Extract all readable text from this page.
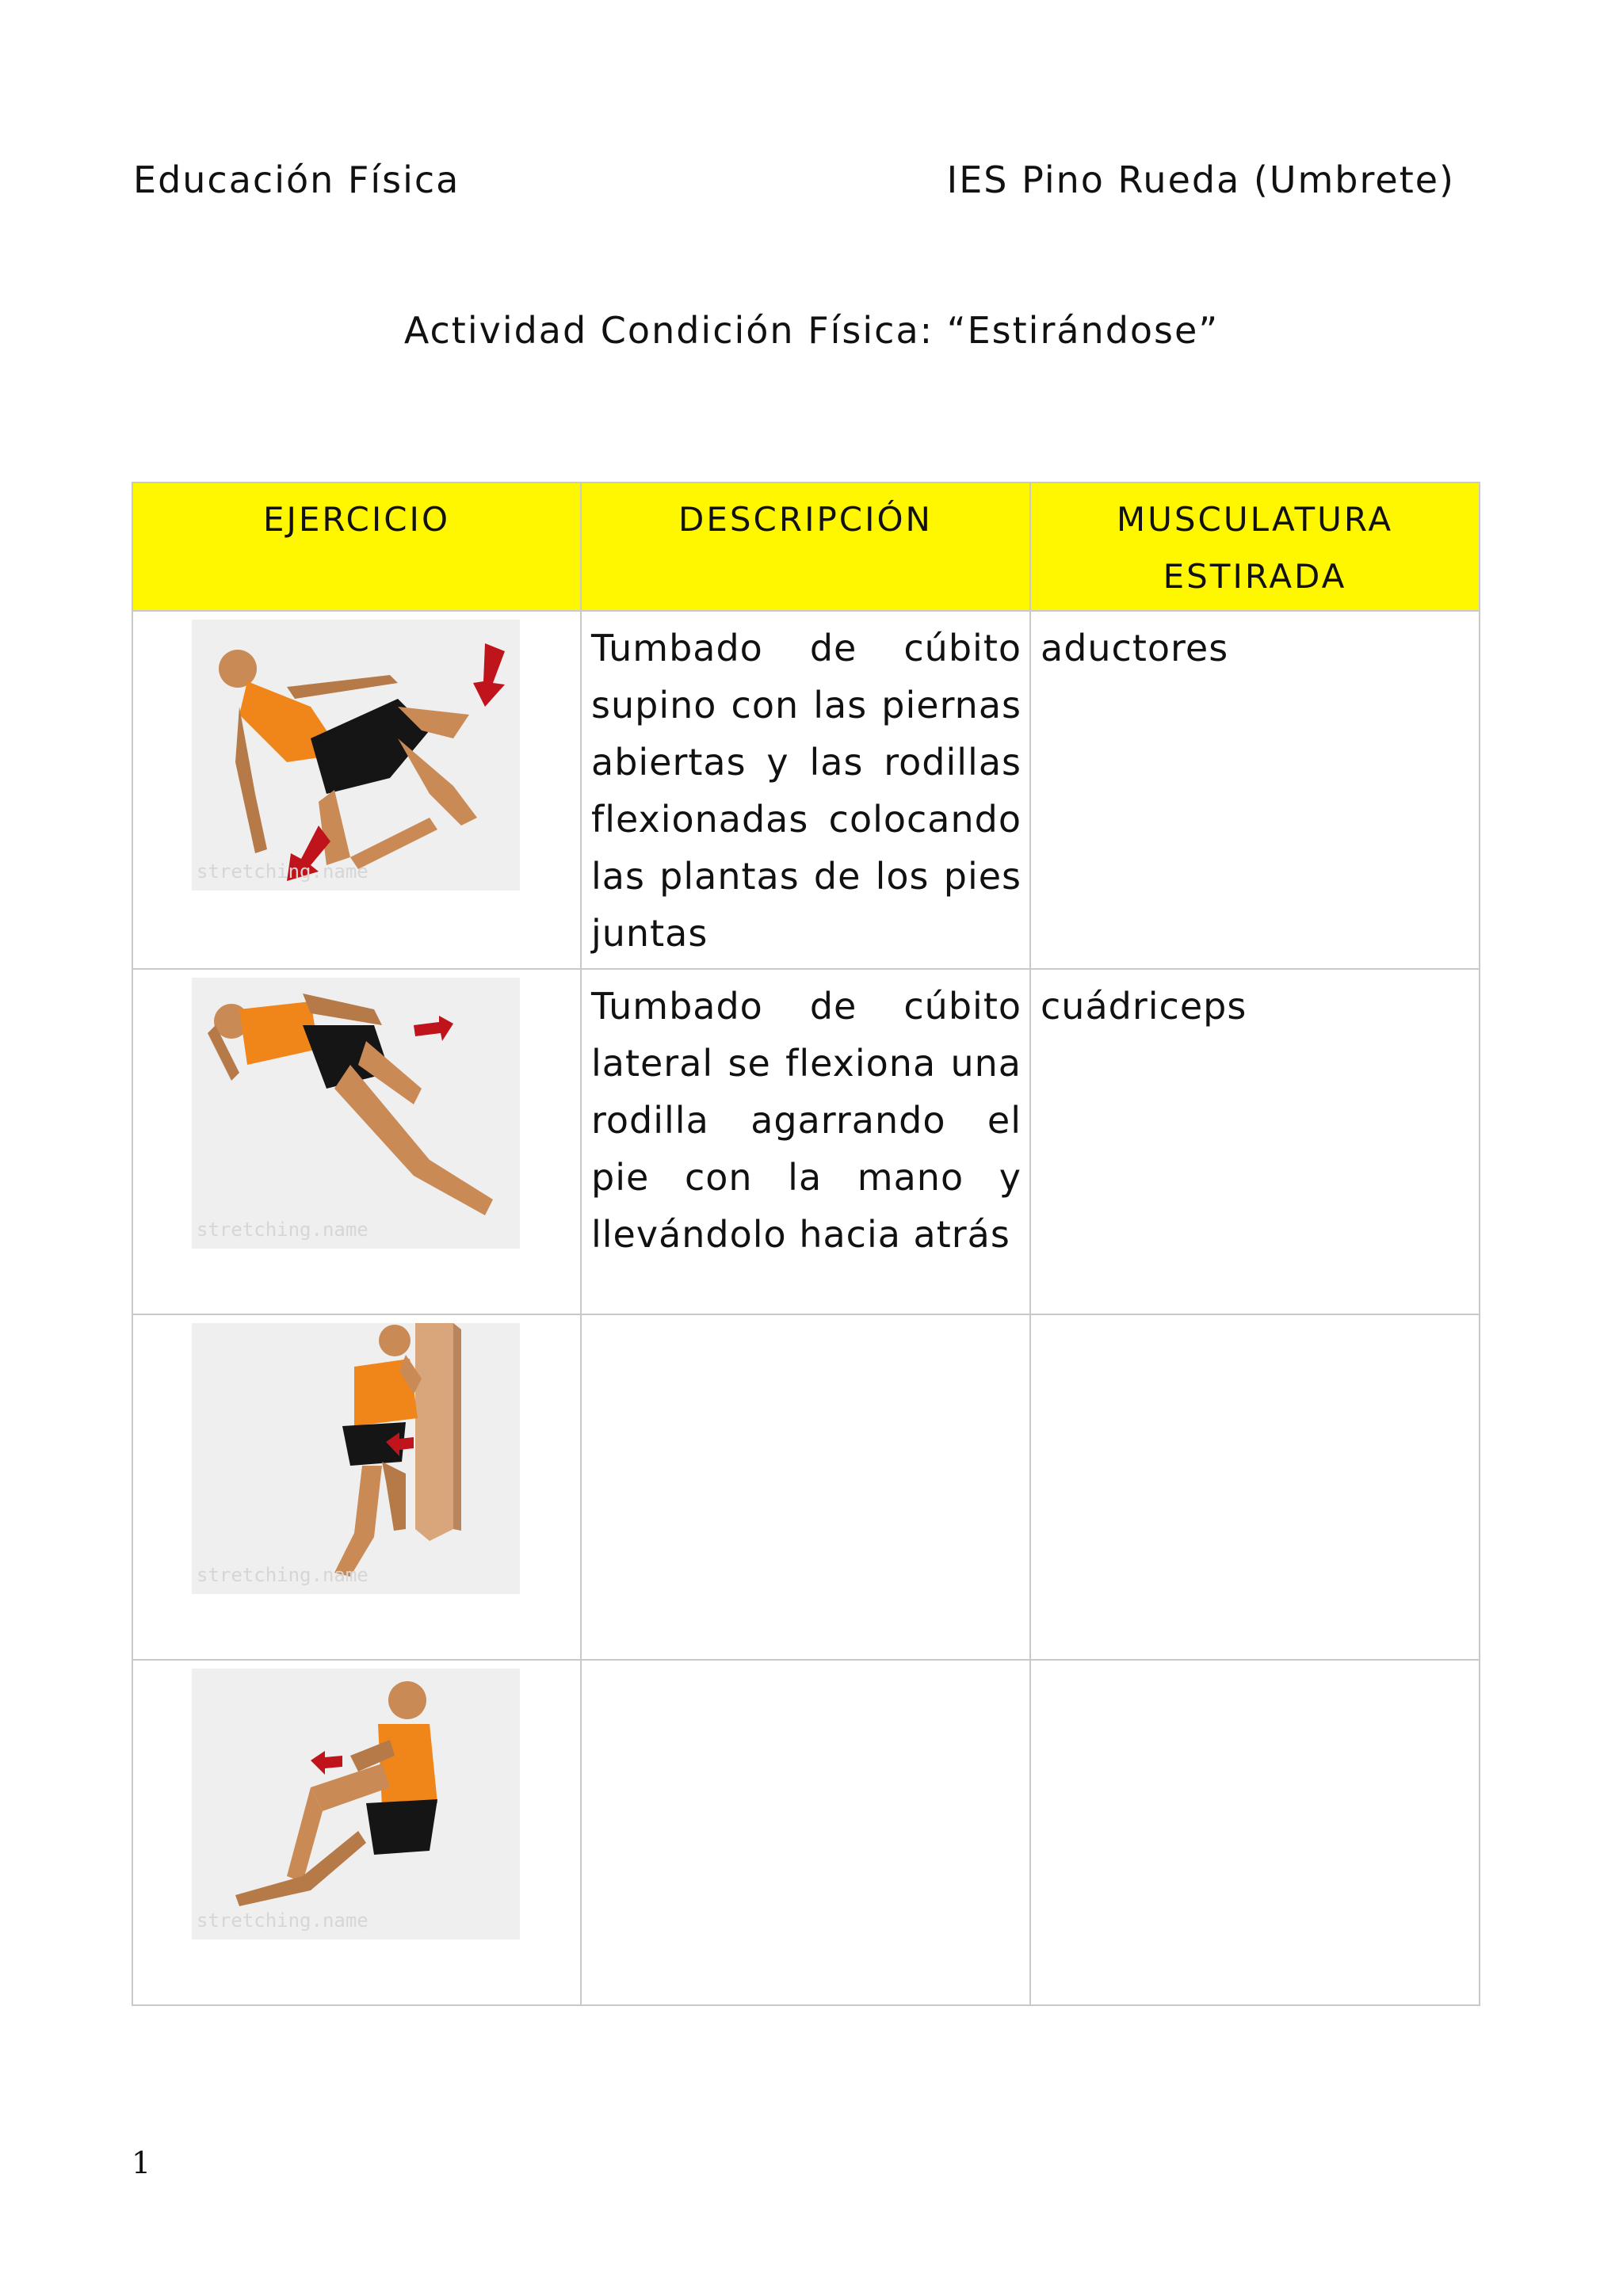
Educación Física	IES Pino Rueda (Umbrete)
Actividad Condición Física: “Estirándose”
EJERCICIO	DESCRIPCIÓN	MUSCULATURA ESTIRADA

stretching.name	Tumbado de cúbito supino con las piernas abiertas y las rodillas flexionadas colocando las plantas de los pies juntas	aductores

stretching.name	Tumbado de cúbito lateral se flexiona una rodilla agarrando el pie con la mano y llevándolo hacia atrás	cuádriceps

stretching.name		

stretching.name		

1
